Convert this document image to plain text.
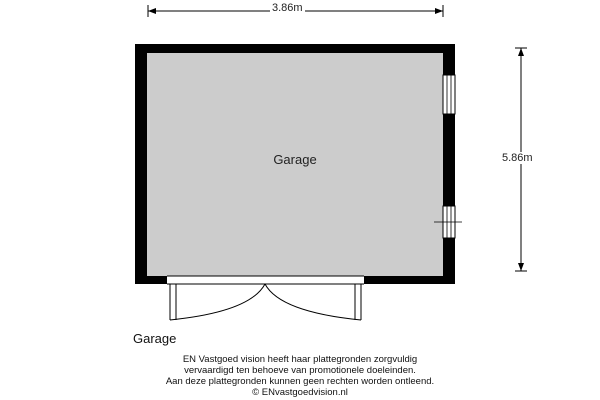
3.86m
5.86m
Garage
Garage
EN Vastgoed vision heeft haar plattegronden zorgvuldig
vervaardigd ten behoeve van promotionele doeleinden.
Aan deze plattegronden kunnen geen rechten worden ontleend.
© ENvastgoedvision.nl
